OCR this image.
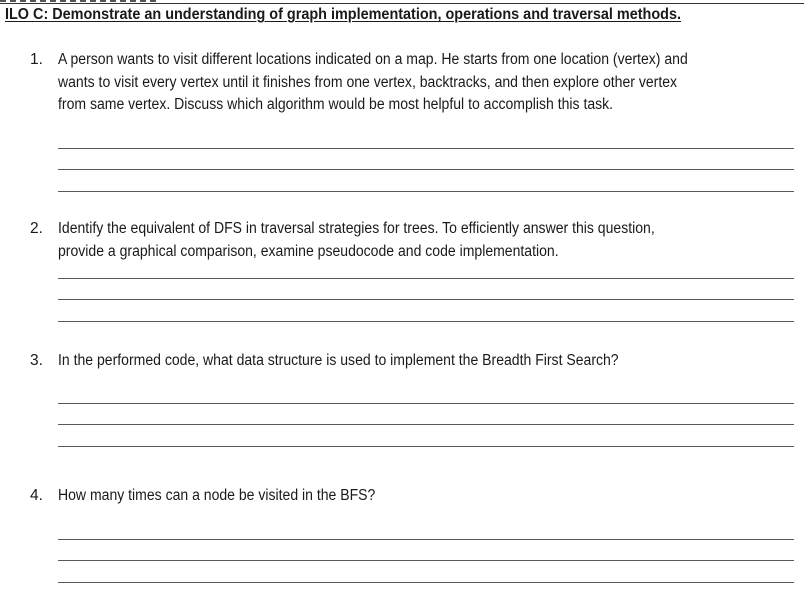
ILO C: Demonstrate an understanding of graph implementation, operations and traversal methods.
1. A person wants to visit different locations indicated on a map. He starts from one location (vertex) and
wants to visit every vertex until it finishes from one vertex, backtracks, and then explore other vertex
from same vertex. Discuss which algorithm would be most helpful to accomplish this task.
2. Identify the equivalent of DFS in traversal strategies for trees. To efficiently answer this question,
provide a graphical comparison, examine pseudocode and code implementation.
3. In the performed code, what data structure is used to implement the Breadth First Search?
4. How many times can a node be visited in the BFS?
